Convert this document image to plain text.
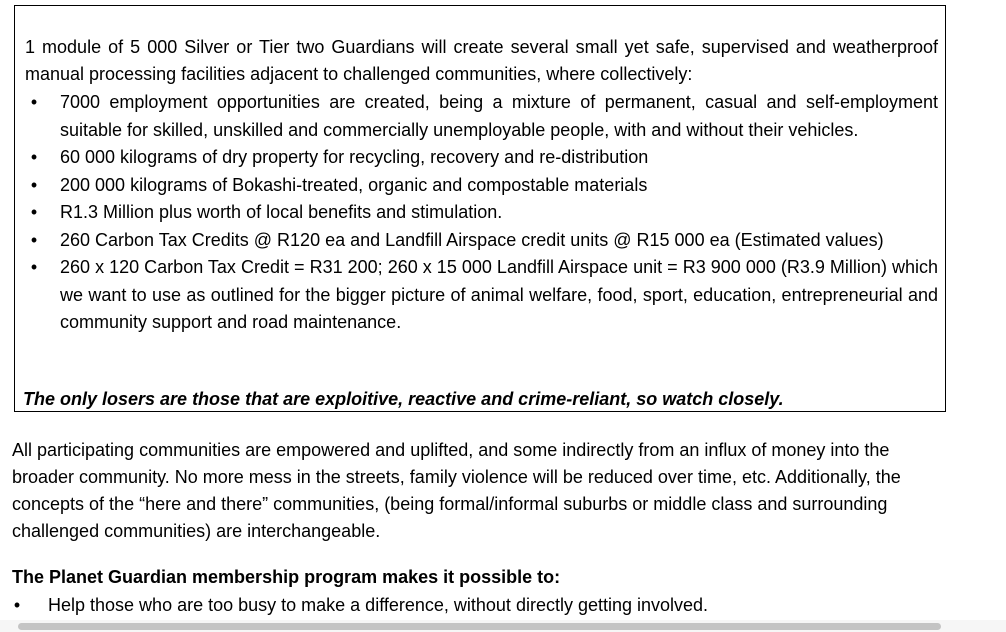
1 module of 5 000 Silver or Tier two Guardians will create several small yet safe, supervised and weatherproof manual processing facilities adjacent to challenged communities, where collectively:

• 7000 employment opportunities are created, being a mixture of permanent, casual and self-employment suitable for skilled, unskilled and commercially unemployable people, with and without their vehicles.
• 60 000 kilograms of dry property for recycling, recovery and re-distribution
• 200 000 kilograms of Bokashi-treated, organic and compostable materials
• R1.3 Million plus worth of local benefits and stimulation.
• 260 Carbon Tax Credits @ R120 ea and Landfill Airspace credit units @ R15 000 ea (Estimated values)
• 260 x 120 Carbon Tax Credit = R31 200; 260 x 15 000 Landfill Airspace unit = R3 900 000 (R3.9 Million) which we want to use as outlined for the bigger picture of animal welfare, food, sport, education, entrepreneurial and community support and road maintenance.

The only losers are those that are exploitive, reactive and crime-reliant, so watch closely.

All participating communities are empowered and uplifted, and some indirectly from an influx of money into the broader community. No more mess in the streets, family violence will be reduced over time, etc. Additionally, the concepts of the “here and there” communities, (being formal/informal suburbs or middle class and surrounding challenged communities) are interchangeable.

The Planet Guardian membership program makes it possible to:

• Help those who are too busy to make a difference, without directly getting involved.
